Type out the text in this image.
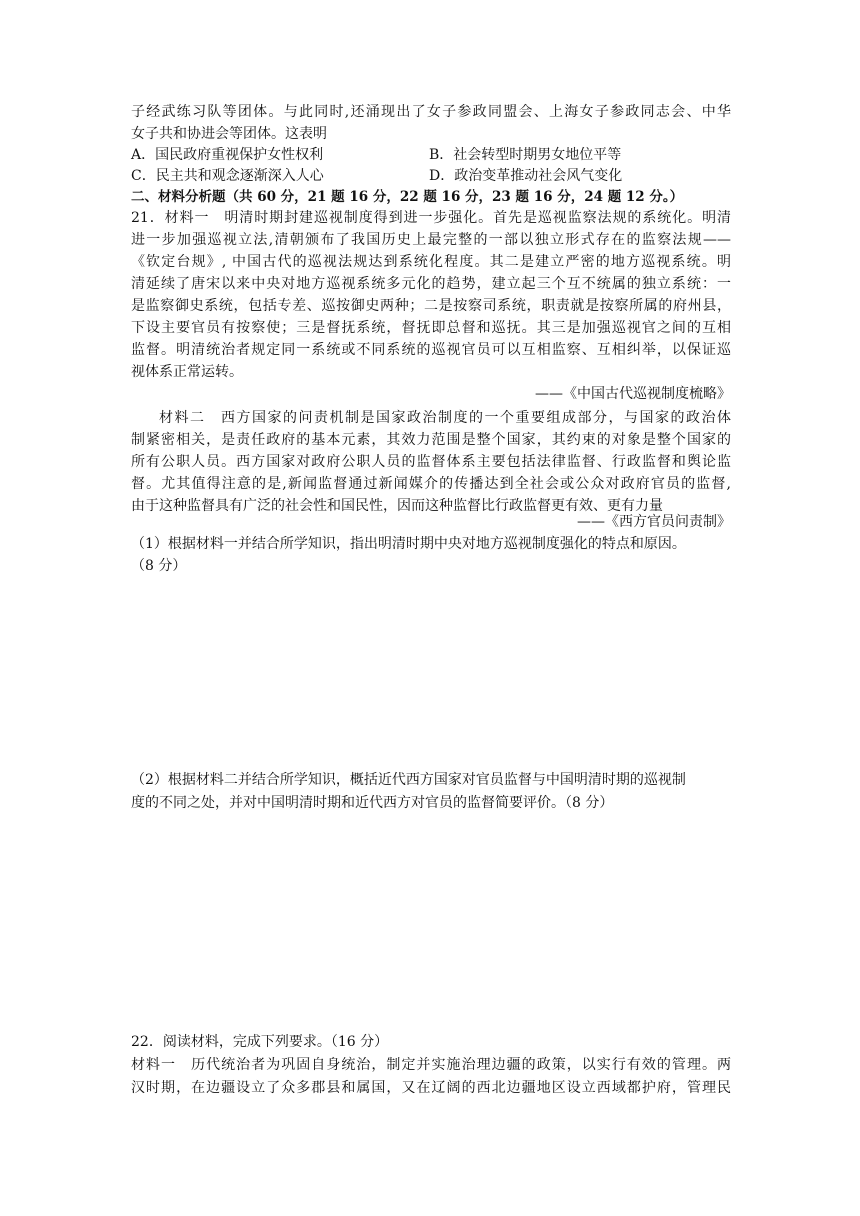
子经武练习队等团体。与此同时,还涌现出了女子参政同盟会、上海女子参政同志会、中华
女子共和协进会等团体。这表明
A．国民政府重视保护女性权利	B．社会转型时期男女地位平等
C．民主共和观念逐渐深入人心	D．政治变革推动社会风气变化
二、材料分析题（共 60 分，21 题 16 分，22 题 16 分，23 题 16 分，24 题 12 分。）
21．材料一　明清时期封建巡视制度得到进一步强化。首先是巡视监察法规的系统化。明清
进一步加强巡视立法,清朝颁布了我国历史上最完整的一部以独立形式存在的监察法规——
《钦定台规》, 中国古代的巡视法规达到系统化程度。其二是建立严密的地方巡视系统。明
清延续了唐宋以来中央对地方巡视系统多元化的趋势，建立起三个互不统属的独立系统：一
是监察御史系统，包括专差、巡按御史两种；二是按察司系统，职责就是按察所属的府州县，
下设主要官员有按察使；三是督抚系统，督抚即总督和巡抚。其三是加强巡视官之间的互相
监督。明清统治者规定同一系统或不同系统的巡视官员可以互相监察、互相纠举，以保证巡
视体系正常运转。
——《中国古代巡视制度梳略》
材料二　西方国家的问责机制是国家政治制度的一个重要组成部分，与国家的政治体
制紧密相关，是责任政府的基本元素，其效力范围是整个国家，其约束的对象是整个国家的
所有公职人员。西方国家对政府公职人员的监督体系主要包括法律监督、行政监督和舆论监
督。尤其值得注意的是,新闻监督通过新闻媒介的传播达到全社会或公众对政府官员的监督,
由于这种监督具有广泛的社会性和国民性，因而这种监督比行政监督更有效、更有力量
——《西方官员问责制》
（1）根据材料一并结合所学知识，指出明清时期中央对地方巡视制度强化的特点和原因。
（8 分）
（2）根据材料二并结合所学知识，概括近代西方国家对官员监督与中国明清时期的巡视制
度的不同之处，并对中国明清时期和近代西方对官员的监督简要评价。（8 分）
22．阅读材料，完成下列要求。（16 分）
材料一　历代统治者为巩固自身统治，制定并实施治理边疆的政策，以实行有效的管理。两
汉时期，在边疆设立了众多郡县和属国，又在辽阔的西北边疆地区设立西域都护府，管理民
